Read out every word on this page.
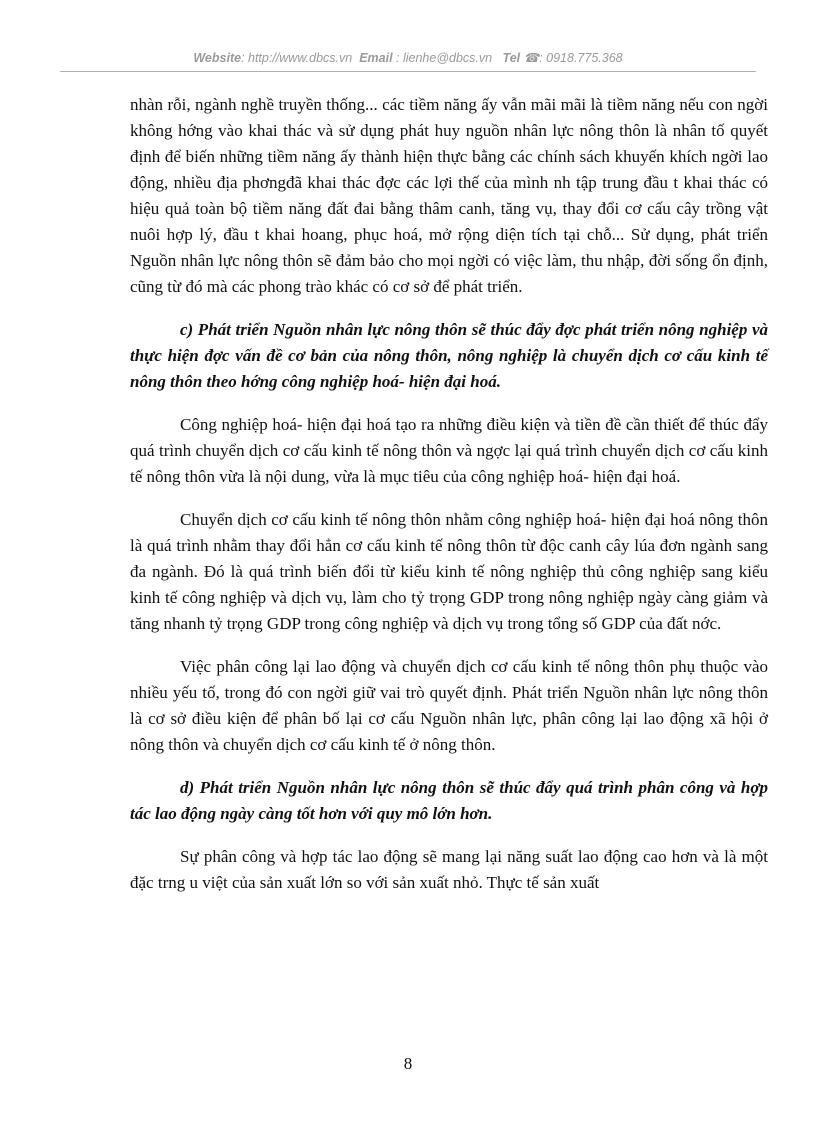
Website: http://www.dbcs.vn Email : lienhe@dbcs.vn Tel ☎: 0918.775.368

nhàn rỗi, ngành nghề truyền thống... các tiềm năng ấy vẫn mãi mãi là tiềm năng nếu con ngời không hớng vào khai thác và sử dụng phát huy nguồn nhân lực nông thôn là nhân tố quyết định để biến những tiềm năng ấy thành hiện thực bằng các chính sách khuyến khích ngời lao động, nhiều địa phơngđã khai thác đợc các lợi thế của mình nh tập trung đầu t khai thác có hiệu quả toàn bộ tiềm năng đất đai bằng thâm canh, tăng vụ, thay đổi cơ cấu cây trồng vật nuôi hợp lý, đầu t khai hoang, phục hoá, mở rộng diện tích tại chỗ... Sử dụng, phát triển Nguồn nhân lực nông thôn sẽ đảm bảo cho mọi ngời có việc làm, thu nhập, đời sống ổn định, cũng từ đó mà các phong trào khác có cơ sở để phát triển.

c) Phát triển Nguồn nhân lực nông thôn sẽ thúc đẩy đợc phát triển nông nghiệp và thực hiện đợc vấn đề cơ bản của nông thôn, nông nghiệp là chuyển dịch cơ cấu kinh tế nông thôn theo hớng công nghiệp hoá- hiện đại hoá.

Công nghiệp hoá- hiện đại hoá tạo ra những điều kiện và tiền đề cần thiết để thúc đẩy quá trình chuyển dịch cơ cấu kinh tế nông thôn và ngợc lại quá trình chuyển dịch cơ cấu kinh tế nông thôn vừa là nội dung, vừa là mục tiêu của công nghiệp hoá- hiện đại hoá.

Chuyển dịch cơ cấu kinh tế nông thôn nhằm công nghiệp hoá- hiện đại hoá nông thôn là quá trình nhằm thay đổi hẳn cơ cấu kinh tế nông thôn từ độc canh cây lúa đơn ngành sang đa ngành. Đó là quá trình biến đổi từ kiểu kinh tế nông nghiệp thủ công nghiệp sang kiểu kinh tế công nghiệp và dịch vụ, làm cho tỷ trọng GDP trong nông nghiệp ngày càng giảm và tăng nhanh tỷ trọng GDP trong công nghiệp và dịch vụ trong tổng số GDP của đất nớc.

Việc phân công lại lao động và chuyển dịch cơ cấu kinh tế nông thôn phụ thuộc vào nhiều yếu tố, trong đó con ngời giữ vai trò quyết định. Phát triển Nguồn nhân lực nông thôn là cơ sở điều kiện để phân bố lại cơ cấu Nguồn nhân lực, phân công lại lao động xã hội ở nông thôn và chuyển dịch cơ cấu kinh tế ở nông thôn.

d) Phát triển Nguồn nhân lực nông thôn sẽ thúc đẩy quá trình phân công và hợp tác lao động ngày càng tốt hơn với quy mô lớn hơn.

Sự phân công và hợp tác lao động sẽ mang lại năng suất lao động cao hơn và là một đặc trng u việt của sản xuất lớn so với sản xuất nhỏ. Thực tế sản xuất

8
